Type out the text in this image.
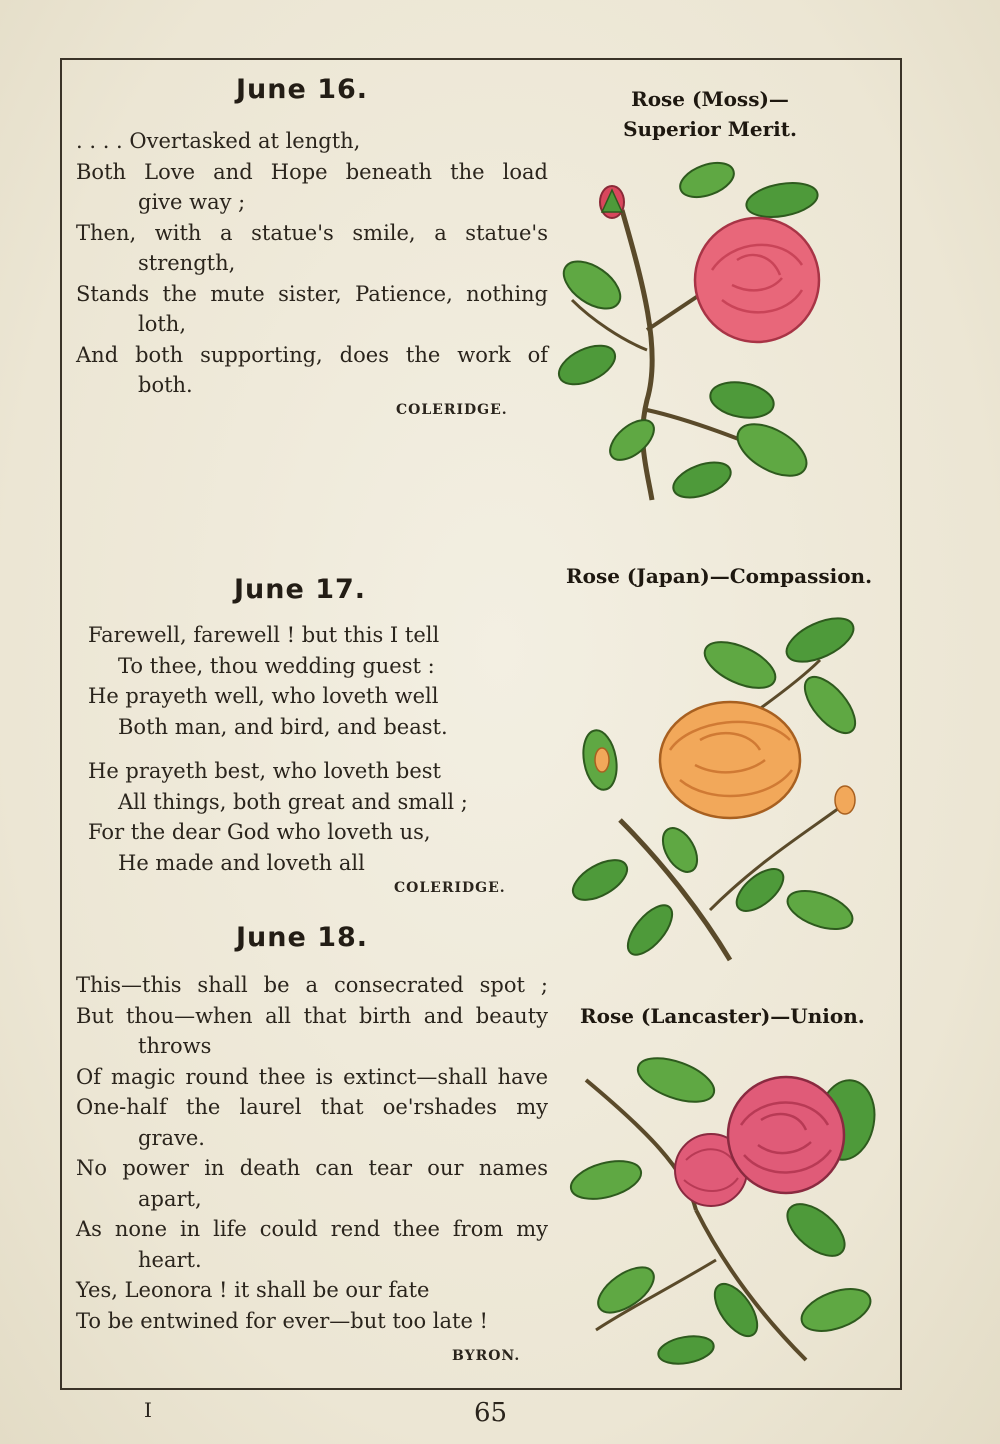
June 16.
. . . . Overtasked at length,
Both Love and Hope beneath the load
give way ;
Then, with a statue's smile, a statue's
strength,
Stands the mute sister, Patience, nothing
loth,
And both supporting, does the work of
both.
COLERIDGE.
June 17.
Farewell, farewell ! but this I tell
To thee, thou wedding guest :
He prayeth well, who loveth well
Both man, and bird, and beast.
He prayeth best, who loveth best
All things, both great and small ;
For the dear God who loveth us,
He made and loveth all
COLERIDGE.
June 18.
This—this shall be a consecrated spot ;
But thou—when all that birth and beauty
throws
Of magic round thee is extinct—shall have
One-half the laurel that oe'rshades my
grave.
No power in death can tear our names
apart,
As none in life could rend thee from my
heart.
Yes, Leonora ! it shall be our fate
To be entwined for ever—but too late !
BYRON.
Rose (Moss)—
Superior Merit.
Rose (Japan)—Compassion.
Rose (Lancaster)—Union.
I	65
